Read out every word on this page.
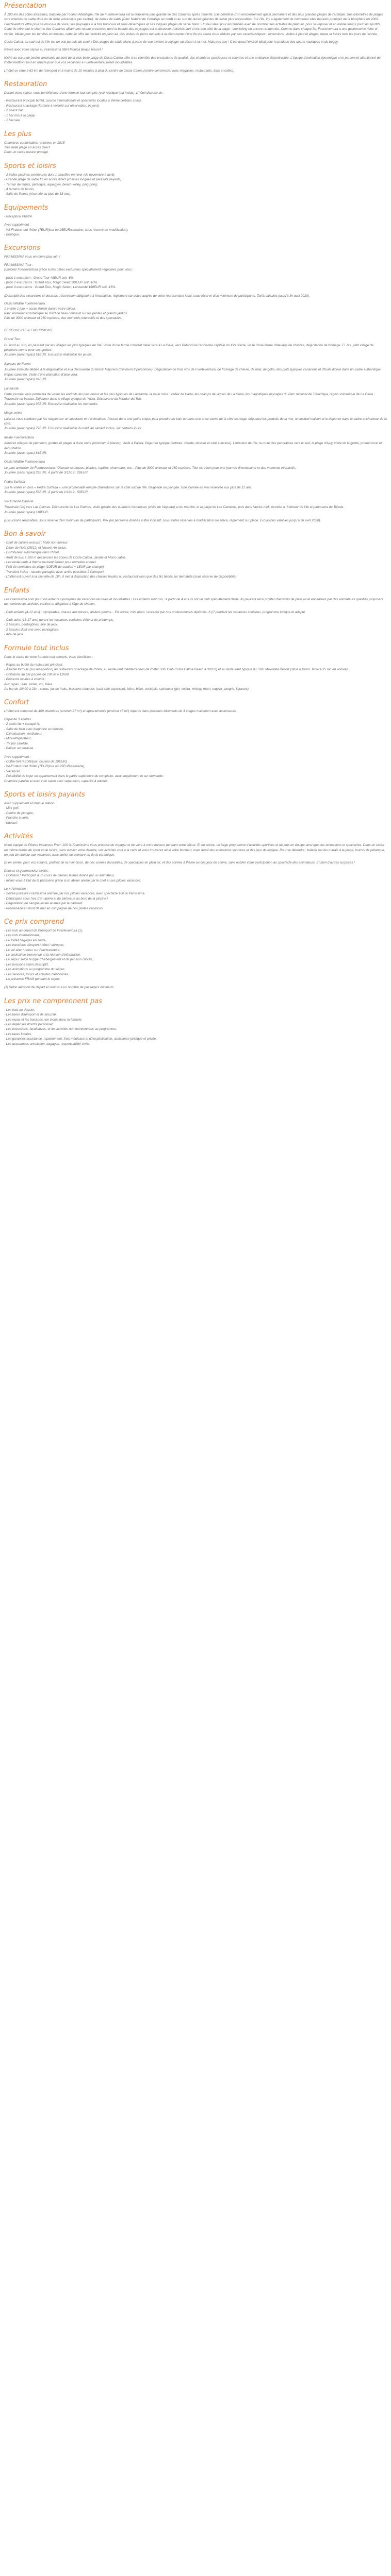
Présentation

À 100 km des côtes africaines, baignée par l'océan Atlantique, l'île de Fuerteventura est la deuxième plus grande île des Canaries après Tenerife. Elle bénéficie d'un ensoleillement quasi permanent et des plus grandes plages de l'archipel. Ses kilomètres de plages sont orientés de sable doré ou de terre volcanique (au centre), de dunes de sable (Parc Naturel de Corralejo au nord) et au sud de dunes géantes de sable plus accessibles. Sur l'île, il y a également de nombreux sites naturels protégés de la biosphère en 2009. Fuerteventura offre pour sa douceur de vivre, ses paysages à la fois tropicaux et semi désertiques et ses longues plages de sable blanc. Un lieu idéal pour les familles avec de nombreuses activités de plein air, pour se reposer et en même temps pour les sportifs. Cette île offre tout le charme des Canaries alliant une nature préservée dont la beauté des paysages est à découvrir. Activités surf et les bon côté de la plage : snorkeling ou encore randonnée. Comme dans chaque île, Fuerteventura a une gastronomie riche et variée. Idéale pour les familles et couples, cette île offre de l'activité en plein air, des visites de parcs naturels à la découverte d'une île qui saura vous séduire par ses caractéristiques : excursions, visites à pied et plages, repas et loisirs tous les jours de l'année.

Costa Calma, au sud-est de l'île est un vrai paradis de soleil ! Des plages de sable blanc à perte de vue invitent à voyager au désert à la mer. Mais pas que ! C'est aussi l'endroit idéal pour la pratique des sports nautiques et du buggy.

Rêvez avec votre séjour au Framissima SBH Monica Beach Resort !

Niché au cœur de jardins luxuriants au bord de la plus belle plage de Costa Calma offre à sa clientèle des prestations de qualité, des chambres spacieuses et colorées et une ambiance décontractée. L'équipe d'animation dynamique et le personnel attentionné de l'hôtel mettront tout en œuvre pour que vos vacances à Fuerteventura soient inoubliables.

L'hôtel se situe à 63 km de l'aéroport et à moins de 10 minutes à pied du centre de Costa Calma (centre commercial avec magasins, restaurants, bars et cafés).

Restauration

Durant votre séjour, vous bénéficierez d'une formule tout compris (voir rubrique tout inclus). L'hôtel dispose de :

- Restaurant principal buffet, cuisine internationale et spécialités locales à thème certains soirs),

- Restaurant snackage (formule à volonté sur réservation, payant),

- 2 snack bar,

- 1 bar lors à la plage,

- 1 bar.sea.

Les plus

Chambres confortables rénovées en 2015

Très belle plage en accès direct

Dans un cadre naturel protégé

Sports et loisirs

- 2 belles piscines extérieures dont 1 chauffée en hiver (de novembre à avril),

- Grande plage de sable fin en accès direct (chaises longues et parasols payants),

- Terrain de tennis, pétanque, aquagym, beach-volley, ping-pong,

- 4 terrains de tennis,

- Salle de fitness (réservée au plus de 18 ans).

Equipements

- Réception 24h/24.

Avec supplément :

- Wi-Fi dans tout l'hôtel (7EUR/jour ou 25EUR/semaine, sous réserve de modification),

- Boutique.

Excursions

FRAMISSIMA vous emmène plus loin !

FRAMISSIMA Tour :

Explorez Fuerteventura grâce à des offres exclusives spécialement négociées pour vous :

- pack 1 excursion : Grand Tour 48EUR soit -6%.

- pack 2 excursions : Grand Tour, Magic Select 99EUR soit -10%.

- pack 3 excursions : Grand Tour, Magic Select, Lanzarote 168EUR soit -15%.

(Descriptif des excursions ci-dessous, réservation obligatoire à l'inscription, règlement sur place auprès de votre représentant local, sous réserve d'un minimum de participants. Tarifs valables jusqu'à fin avril 2020).

Oasis Wildlife Fuerteventura :

1 entrée 1 jour + accès illimité durant votre séjour.

Parc animalier et botanique au bord de l'eau construit sur les pentes et grands jardins.

Plus de 3000 animaux et 250 espèces, des moments interactifs et des spectacles.

DECOUVERTE & EXCURSIONS

Grand Tour

Du nord au sud, en passant par les villages les plus typiques de l'île. Visite d'une ferme cultivant l'aloe vera à La Oliva, vers Betancuria l'ancienne capitale du XVe siècle, visite d'une ferme d'élevage de chèvres, dégustation de fromage. El Jas, petit village de pêcheurs connu pour ses grottes.

Journée (avec repas) 51EUR. Excursion réalisable les jeudis.

Saveurs de Fuerte

Journée intimiste dédiée à la dégustation et à la découverte du terroir Majorero (minimum 8 personnes). Dégustation de trois vins de Fuerteventura, de fromage de chèvre, de miel, de gofio, des plats typiques canariens et d'huile d'olive dans un cadre authentique. Repas canarien. Visite d'une plantation d'aloe vera.

Journée (avec repas) 69EUR.

Lanzarote

Cette journée vous permettra de visiter les endroits les plus beaux et les plus typiques de Lanzarote, la perle noire : vallée de Haría, les champs de vignes de La Geria, les magnifiques paysages du Parc national de Timanfaya, région volcanique de La Geria... Traversée en bateau. Déjeuner dans le village typique de Yaiza. Découverte du Mirador del Río.

Journée (avec repas) 97EUR. Excursion réalisable les mercredis.

Magic select

Laissez-vous conduire par les magies sur un spectacle et d'animations. Passez dans une petite crique pour prendre un bain ou dans une anse calme de la côte sauvage, dégustez les produits de la mer, le cocktail maison et le déjeuner dans le cadre enchanteur de la côte.

Journée (avec repas) 79EUR. Excursion réalisable du lundi au samedi inclus, sur certains jours.

Inside Fuerteventura

Admirez villages de pêcheurs, grottes et plages à dune noire (minimum 8 places) : Arrêt à Pajara, Déjeuner typique (entrées, viande, dessert et café à inclure). L'intérieur de l'île, la route des panoramas vers le sud, la plage d'Ajuy, visite de la grotte, produit local et dégustation.

Journée (avec repas) 61EUR.

Oasis Wildlife Fuerteventura

Le parc animalier de Fuerteventura ! Oiseaux exotiques, plantes, reptiles, chameaux, etc... Plus de 3000 animaux et 250 espèces. Tout est réuni pour une journée divertissante et des moments interactifs.

Journée (sans repas) 33EUR. À partir de 3/11/19 : 29EUR.

Pedra Surfada

Sur le voilier en bois « Pedra Surfada », une promenade remplie d'aventures sur la côte sud de l'île. Baignade ou plongée. Une journée en mer réservée aux plus de 12 ans.

Journée (avec repas) 56EUR. À partir du 1/11/19 : 59EUR.

VIP Grande Canarie

Traversée (2h) vers Las Palmas. Découverte de Las Palmas, visite guidée des quartiers historiques (visite de Vegueta) et du marché, et la plage de Las Canteras, puis dans l'après-midi, montée à l'intérieur de l'île et panorama de Tejeda.

Journée (avec repas) 118EUR.

(Excursions réalisables, sous réserve d'un minimum de participants. Prix par personne donnés à titre indicatif, sous toutes réserves à modification sur place, règlement sur place. Excursions valables jusqu'à fin avril 2020).

Bon à savoir

- Chef de cuisine exclusif : hôtel non-fumeur.

- Dîner de Noël (25/12) et Nouvel An inclus.

- Distributeur automatique dans l'hôtel.

- Arrêt de bus à 100 m desservant les zones de Costa Calma, Jandía et Morro Jable.

- Les restaurants à thème peuvent fermer pour entretien annuel.

- Prêt de serviettes de plage (10EUR de caution + 1EUR par change).

- Transfert inclus : navette partagée avec arrêts possibles à l'aéroport.

- L'hôtel est ouvert à la clientèle de 18h. Il met à disposition des chaises hautes au restaurant ainsi que des lits bébés sur demande (sous réserve de disponibilité).

Enfants

Les Framissima sont pour vos enfants synonymes de vacances réussies et inoubliables ! Les enfants sont rois : à partir de 4 ans ils ont un club spécialement dédié. Ils peuvent ainsi profiter d'activités de plein air et encadrées par des animateurs qualifiés proposant de nombreuses activités variées et adaptées à l'âge de chacun.

- Club enfants (4-12 ans) : olympiades, chasse aux trésors, ateliers photos... En soirée, mini disco ! encadré par nos professionnels diplômés, 6 j/7 pendant les vacances scolaires, programme ludique et adapté.

- Club ados (13-17 ans) durant les vacances scolaires d'été et de printemps.

- 2 bassins, pentagônes, aire de jeux.

- 2 bassins dont une avec pentaglisse.

- Aire de jeux.

Formule tout inclus

Dans le cadre de votre formule tout compris, vous bénéficiez :

- Repas au buffet du restaurant principal.

- À faible formule (sur réservation) au restaurant snackage de l'hôtel, au restaurant méditerranéen de l'hôtel SBH Club Costa Calma Beach à 300 m) et au restaurant typique du SBH Maxorata Resort (situé à Morro Jable à 25 mn en voiture).

- Collations au bar piscine de 10h30 à 12h00.

- Boissons locales à volonté :

Aux repas : eau, sodas, vin, bière.

Au bar de 10h00 à 23h : sodas, jus de fruits, boissons chaudes (sauf café espresso), bière, bière, cocktails, spiritueux (gin, vodka, whisky, rhum, tequila, sangria, liqueurs).

Confort

L'hôtel est composé de 409 chambres (environ 27 m²) et appartements (environ 47 m²) répartis dans plusieurs bâtiments de 3 étages maximum avec ascenseurs.

Capacité 3 adultes.

- 2 petits lits + canapé lit,

- Salle de bain avec baignoire ou douche,

- Climatisation, ventilateur,

- Mini-réfrigérateur,

- TV par satellite,

- Balcon ou terrasse.

Avec supplément :

- Coffre-fort (4EUR/jour, caution de 10EUR),

- Wi-Fi dans tout l'hôtel (7EUR/jour ou 25EUR/semaine),

- Vacances

- Possibilité de loger en appartement dans le partie supérieure du complexe, avec supplément et sur demande :

Chambre pareille et avec coin salon avec séparation, capacité 4 adultes.

Sports et loisirs payants

Avec supplément et dans le station :

- Mini golf,

- Centre de plongée,

- Planche à voile,

- Kitesurf.

Activités

Notre équipe de Pilotes Vacances Fram 100 % Framissima vous propose de voyager et de vivre à votre mesure pendant votre séjour. Et en soirée, un large programme d'activités sportives et de jeux en équipe ainsi que des animations et spectacles. Dans un cadre en même temps de sport et de loisirs, sans oublier votre détente, vos activités sont à la carte et vous trouverez ainsi votre bonheur, mais aussi des animations sportives et des jeux de logique. Pour se détendre : balade par les marais à la plage, tournoi de pétanque, un peu de couleur aux vacances avec atelier de peinture ou de la céramique.

Et en soirée, pour vos enfants, profitez de la mini-disco, de nos soirées dansantes, de spectacles en plein air, et des soirées à thème ou des jeux de scène, sans oublier votre participation au spectacle des animateurs. Et bien d'autres surprises !

Dansez et gourmandez invités :

- Collation * Participez à un cours de danses latines donné par un animateur,

- Initiez-vous à l'art de la pâtisserie grâce à un atelier animé par le chef et ses pilotes vacances.

Le + Animation :

- Soirée privative Framissima animée par nos pilotes vacances, avec spectacle 100 % framissima.

- Débarquez sous l'arc d'un apéro et du barbecue au bord de la piscine !

- Dégustation de sangria locale animée par la barmaid.

- Promenade en bord de mer en compagnie de nos pilotes vacances.

Ce prix comprend

- Les vols au départ de l'aéroport de Fuerteventura (1),

- Les vols internationaux,

- Le forfait bagages en soute,

- Les transferts aéroport / hôtel / aéroport,

- Le vol aller / retour sur Fuerteventura,

- Le cocktail de bienvenue et la réunion d'information,

- Le séjour selon le type d'hébergement et de pension choisis,

- Les boissons selon descriptif,

- Les animations au programme du séjour,

- Les services, loisirs et activités mentionnés,

- La présence FRAM pendant le séjour.

(1) Selon aéroport de départ et soumis à un nombre de passagers minimum.

Les prix ne comprennent pas

- Les frais de dossier,

- Les taxes d'aéroport et de sécurité,

- Les repas et les boissons non inclus dans la formule,

- Les dépenses d'ordre personnel,

- Les excursions, facultatives, et les activités non mentionnées au programme,

- Les taxes locales,

- Les garanties assistance, rapatriement, frais médicaux et d'hospitalisation, assistance juridique et privée,

- Les assurances annulation, bagages, responsabilité civile.
